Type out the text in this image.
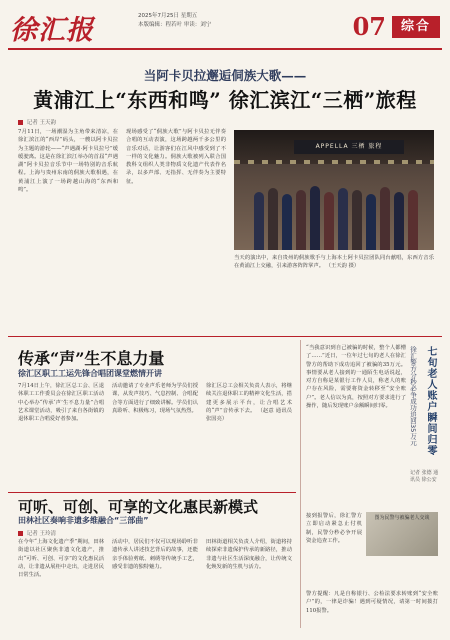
徐汇报	2025年7月25日 星期五
本版编辑：程若叶 审读：刘宁	07	综合
当阿卡贝拉邂逅侗族大歌——
黄浦江上“东西和鸣” 徐汇滨江“三栖”旅程
记者 王天韵
7月11日，一场潮湿为主角带来清凉，在徐汇滨江的“西岸”码头，一艘以阿卡贝拉为主题的游轮——“声遇湖·阿卡贝拉号”缓缓驶离。这是在徐汇滨江举办的首届“声遇湖”阿卡贝拉音乐节中一场特别的音乐航程。上海与贵州东南的侗族大歌相遇，在黄浦江上演了一场跨越山海的“东西和鸣”。
现场感受了“侗族大歌”与阿卡贝拉无伴奏合唱的互动表演，这场跨越两千多公里的音乐对话，让游客们在江风中感受到了不一样的文化魅力。侗族大歌被列入联合国教科文组织人类非物质文化遗产代表作名录，以多声部、无指挥、无伴奏为主要特征。
APPELLA 三栖 旅程
当天的演出中，来自贵州的侗族歌手与上海本土阿卡贝拉团队同台献唱，东西方音乐在黄浦江上交融，引来游客阵阵掌声。 （王天韵 摄）
传承“声”生不息力量
徐汇区职工工运先锋合唱团课堂燃情开讲
7月14日上午，徐汇区总工会、区退休职工工作委员会在徐汇区职工活动中心举办“传承‘声’生不息力量”合唱艺术课堂活动，吸引了来自各街镇的退休职工合唱爱好者参加。
活动邀请了专业声乐老师为学员们授课，从发声技巧、气息控制、合唱配合等方面进行了细致讲解。学员们认真聆听、积极练习，现场气氛热烈。
徐汇区总工会相关负责人表示，将继续关注退休职工的精神文化生活，搭建更多展示平台，让合唱艺术的“声”音传承下去。 （赵意 通讯员 张国亮）
“当我意识到自己被骗的时候，整个人都懵了……”近日，一位年过七旬的老人在徐汇警方的帮助下成功追回了被骗的35万元。事情要从老人接到的一通陌生电话说起，对方自称是某银行工作人员，称老人的账户存在风险，需要将资金转移至“安全账户”。老人信以为真，按照对方要求进行了操作，随后发现账户余额瞬间归零。	徐汇警方分秒必争成功追回35万元 七旬老人账户瞬间归零
记者 张德 通讯员 徐公安
接到报警后，徐汇警方立即启动紧急止付机制，民警分秒必争开展资金追查工作。
图为民警与被骗老人交谈
警方提醒：凡是自称银行、公检法要求转账到“安全账户”的，一律是诈骗！遇到可疑情况，请第一时间拨打110报警。
可听、可创、可享的文化惠民新模式
田林社区奏响非遗多维融合“三部曲”
记者 王玲清
在今年“上海文化遗产季”期间，田林街道以社区聚焦非遗文化遗产，推出“可听、可创、可享”的文化惠民活动，让非遗从展柜中走出，走进居民日常生活。
活动中，居民们不仅可以现场聆听非遗传承人讲述技艺背后的故事，还能亲手体验剪纸、刺绣等传统手工艺，感受非遗的独特魅力。
田林街道相关负责人介绍，街道将持续探索非遗保护传承的新路径，推动非遗与社区生活深度融合，让传统文化焕发新的生机与活力。
